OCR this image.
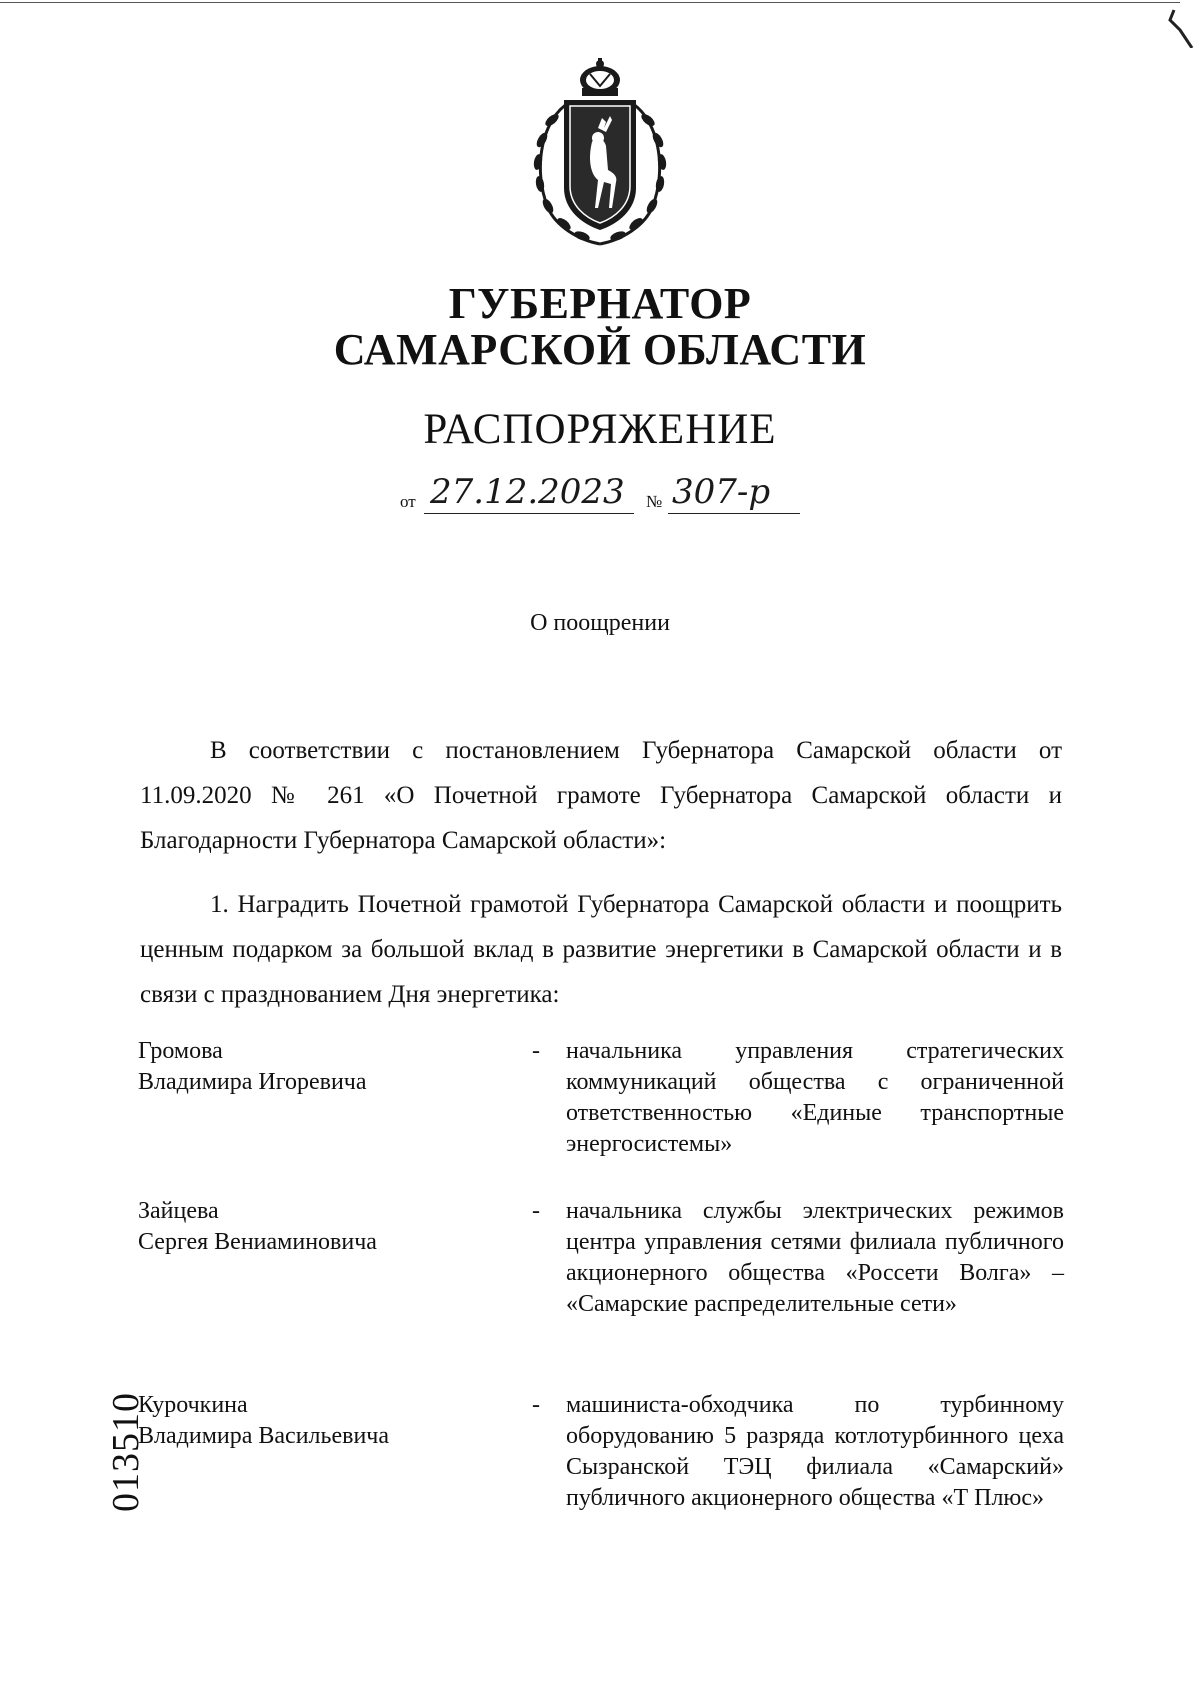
ГУБЕРНАТОР
САМАРСКОЙ ОБЛАСТИ
РАСПОРЯЖЕНИЕ
от 27.12.2023 № 307-р
О поощрении
В соответствии с постановлением Губернатора Самарской области от 11.09.2020 № 261 «О Почетной грамоте Губернатора Самарской области и Благодарности Губернатора Самарской области»:
1. Наградить Почетной грамотой Губернатора Самарской области и поощрить ценным подарком за большой вклад в развитие энергетики в Самарской области и в связи с празднованием Дня энергетика:
Громова
Владимира Игоревича
- начальника управления стратегических коммуникаций общества с ограниченной ответственностью «Единые транспортные энергосистемы»
Зайцева
Сергея Вениаминовича
- начальника службы электрических режимов центра управления сетями филиала публичного акционерного общества «Россети Волга» – «Самарские распределительные сети»
Курочкина
Владимира Васильевича
- машиниста-обходчика по турбинному оборудованию 5 разряда котлотурбинного цеха Сызранской ТЭЦ филиала «Самарский» публичного акционерного общества «Т Плюс»
013510
